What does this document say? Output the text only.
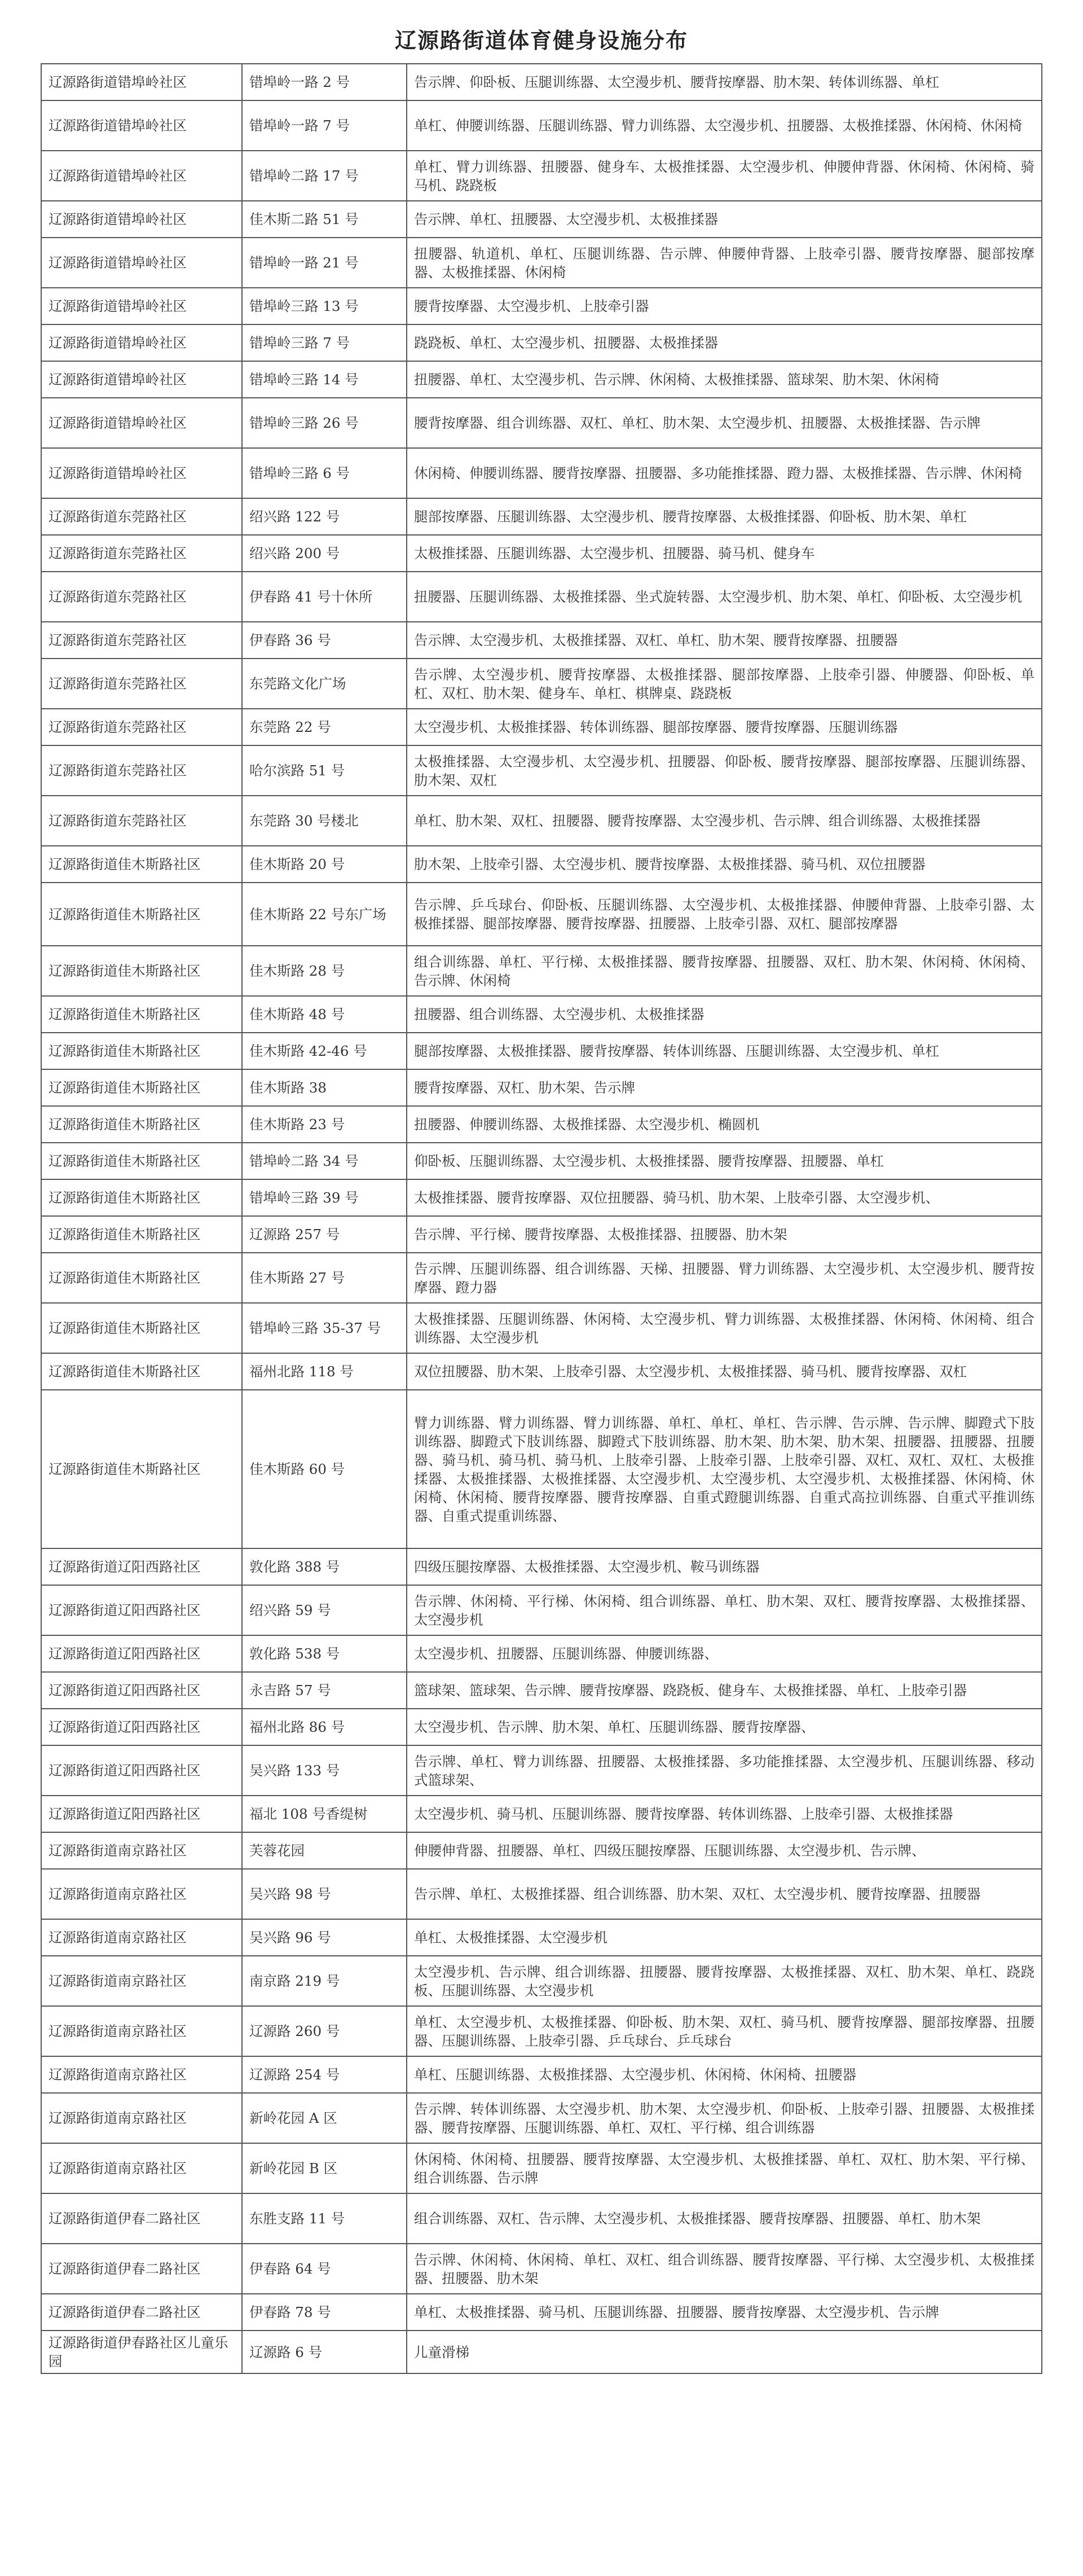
辽源路街道体育健身设施分布
辽源路街道错埠岭社区	错埠岭一路 2 号	告示牌、仰卧板、压腿训练器、太空漫步机、腰背按摩器、肋木架、转体训练器、单杠
辽源路街道错埠岭社区	错埠岭一路 7 号	单杠、伸腰训练器、压腿训练器、臂力训练器、太空漫步机、扭腰器、太极推揉器、休闲椅、休闲椅
辽源路街道错埠岭社区	错埠岭二路 17 号	单杠、臂力训练器、扭腰器、健身车、太极推揉器、太空漫步机、伸腰伸背器、休闲椅、休闲椅、骑马机、跷跷板
辽源路街道错埠岭社区	佳木斯二路 51 号	告示牌、单杠、扭腰器、太空漫步机、太极推揉器
辽源路街道错埠岭社区	错埠岭一路 21 号	扭腰器、轨道机、单杠、压腿训练器、告示牌、伸腰伸背器、上肢牵引器、腰背按摩器、腿部按摩器、太极推揉器、休闲椅
辽源路街道错埠岭社区	错埠岭三路 13 号	腰背按摩器、太空漫步机、上肢牵引器
辽源路街道错埠岭社区	错埠岭三路 7 号	跷跷板、单杠、太空漫步机、扭腰器、太极推揉器
辽源路街道错埠岭社区	错埠岭三路 14 号	扭腰器、单杠、太空漫步机、告示牌、休闲椅、太极推揉器、篮球架、肋木架、休闲椅
辽源路街道错埠岭社区	错埠岭三路 26 号	腰背按摩器、组合训练器、双杠、单杠、肋木架、太空漫步机、扭腰器、太极推揉器、告示牌
辽源路街道错埠岭社区	错埠岭三路 6 号	休闲椅、伸腰训练器、腰背按摩器、扭腰器、多功能推揉器、蹬力器、太极推揉器、告示牌、休闲椅
辽源路街道东莞路社区	绍兴路 122 号	腿部按摩器、压腿训练器、太空漫步机、腰背按摩器、太极推揉器、仰卧板、肋木架、单杠
辽源路街道东莞路社区	绍兴路 200 号	太极推揉器、压腿训练器、太空漫步机、扭腰器、骑马机、健身车
辽源路街道东莞路社区	伊春路 41 号十休所	扭腰器、压腿训练器、太极推揉器、坐式旋转器、太空漫步机、肋木架、单杠、仰卧板、太空漫步机
辽源路街道东莞路社区	伊春路 36 号	告示牌、太空漫步机、太极推揉器、双杠、单杠、肋木架、腰背按摩器、扭腰器
辽源路街道东莞路社区	东莞路文化广场	告示牌、太空漫步机、腰背按摩器、太极推揉器、腿部按摩器、上肢牵引器、伸腰器、仰卧板、单杠、双杠、肋木架、健身车、单杠、棋牌桌、跷跷板
辽源路街道东莞路社区	东莞路 22 号	太空漫步机、太极推揉器、转体训练器、腿部按摩器、腰背按摩器、压腿训练器
辽源路街道东莞路社区	哈尔滨路 51 号	太极推揉器、太空漫步机、太空漫步机、扭腰器、仰卧板、腰背按摩器、腿部按摩器、压腿训练器、肋木架、双杠
辽源路街道东莞路社区	东莞路 30 号楼北	单杠、肋木架、双杠、扭腰器、腰背按摩器、太空漫步机、告示牌、组合训练器、太极推揉器
辽源路街道佳木斯路社区	佳木斯路 20 号	肋木架、上肢牵引器、太空漫步机、腰背按摩器、太极推揉器、骑马机、双位扭腰器
辽源路街道佳木斯路社区	佳木斯路 22 号东广场	告示牌、乒乓球台、仰卧板、压腿训练器、太空漫步机、太极推揉器、伸腰伸背器、上肢牵引器、太极推揉器、腿部按摩器、腰背按摩器、扭腰器、上肢牵引器、双杠、腿部按摩器
辽源路街道佳木斯路社区	佳木斯路 28 号	组合训练器、单杠、平行梯、太极推揉器、腰背按摩器、扭腰器、双杠、肋木架、休闲椅、休闲椅、告示牌、休闲椅
辽源路街道佳木斯路社区	佳木斯路 48 号	扭腰器、组合训练器、太空漫步机、太极推揉器
辽源路街道佳木斯路社区	佳木斯路 42-46 号	腿部按摩器、太极推揉器、腰背按摩器、转体训练器、压腿训练器、太空漫步机、单杠
辽源路街道佳木斯路社区	佳木斯路 38	腰背按摩器、双杠、肋木架、告示牌
辽源路街道佳木斯路社区	佳木斯路 23 号	扭腰器、伸腰训练器、太极推揉器、太空漫步机、椭圆机
辽源路街道佳木斯路社区	错埠岭二路 34 号	仰卧板、压腿训练器、太空漫步机、太极推揉器、腰背按摩器、扭腰器、单杠
辽源路街道佳木斯路社区	错埠岭三路 39 号	太极推揉器、腰背按摩器、双位扭腰器、骑马机、肋木架、上肢牵引器、太空漫步机、
辽源路街道佳木斯路社区	辽源路 257 号	告示牌、平行梯、腰背按摩器、太极推揉器、扭腰器、肋木架
辽源路街道佳木斯路社区	佳木斯路 27 号	告示牌、压腿训练器、组合训练器、天梯、扭腰器、臂力训练器、太空漫步机、太空漫步机、腰背按摩器、蹬力器
辽源路街道佳木斯路社区	错埠岭三路 35-37 号	太极推揉器、压腿训练器、休闲椅、太空漫步机、臂力训练器、太极推揉器、休闲椅、休闲椅、组合训练器、太空漫步机
辽源路街道佳木斯路社区	福州北路 118 号	双位扭腰器、肋木架、上肢牵引器、太空漫步机、太极推揉器、骑马机、腰背按摩器、双杠
辽源路街道佳木斯路社区	佳木斯路 60 号	臂力训练器、臂力训练器、臂力训练器、单杠、单杠、单杠、告示牌、告示牌、告示牌、脚蹬式下肢训练器、脚蹬式下肢训练器、脚蹬式下肢训练器、肋木架、肋木架、肋木架、扭腰器、扭腰器、扭腰器、骑马机、骑马机、骑马机、上肢牵引器、上肢牵引器、上肢牵引器、双杠、双杠、双杠、太极推揉器、太极推揉器、太极推揉器、太空漫步机、太空漫步机、太空漫步机、太极推揉器、休闲椅、休闲椅、休闲椅、腰背按摩器、腰背按摩器、自重式蹬腿训练器、自重式高拉训练器、自重式平推训练器、自重式提重训练器、
辽源路街道辽阳西路社区	敦化路 388 号	四级压腿按摩器、太极推揉器、太空漫步机、鞍马训练器
辽源路街道辽阳西路社区	绍兴路 59 号	告示牌、休闲椅、平行梯、休闲椅、组合训练器、单杠、肋木架、双杠、腰背按摩器、太极推揉器、太空漫步机
辽源路街道辽阳西路社区	敦化路 538 号	太空漫步机、扭腰器、压腿训练器、伸腰训练器、
辽源路街道辽阳西路社区	永吉路 57 号	篮球架、篮球架、告示牌、腰背按摩器、跷跷板、健身车、太极推揉器、单杠、上肢牵引器
辽源路街道辽阳西路社区	福州北路 86 号	太空漫步机、告示牌、肋木架、单杠、压腿训练器、腰背按摩器、
辽源路街道辽阳西路社区	吴兴路 133 号	告示牌、单杠、臂力训练器、扭腰器、太极推揉器、多功能推揉器、太空漫步机、压腿训练器、移动式篮球架、
辽源路街道辽阳西路社区	福北 108 号香缇树	太空漫步机、骑马机、压腿训练器、腰背按摩器、转体训练器、上肢牵引器、太极推揉器
辽源路街道南京路社区	芙蓉花园	伸腰伸背器、扭腰器、单杠、四级压腿按摩器、压腿训练器、太空漫步机、告示牌、
辽源路街道南京路社区	吴兴路 98 号	告示牌、单杠、太极推揉器、组合训练器、肋木架、双杠、太空漫步机、腰背按摩器、扭腰器
辽源路街道南京路社区	吴兴路 96 号	单杠、太极推揉器、太空漫步机
辽源路街道南京路社区	南京路 219 号	太空漫步机、告示牌、组合训练器、扭腰器、腰背按摩器、太极推揉器、双杠、肋木架、单杠、跷跷板、压腿训练器、太空漫步机
辽源路街道南京路社区	辽源路 260 号	单杠、太空漫步机、太极推揉器、仰卧板、肋木架、双杠、骑马机、腰背按摩器、腿部按摩器、扭腰器、压腿训练器、上肢牵引器、乒乓球台、乒乓球台
辽源路街道南京路社区	辽源路 254 号	单杠、压腿训练器、太极推揉器、太空漫步机、休闲椅、休闲椅、扭腰器
辽源路街道南京路社区	新岭花园 A 区	告示牌、转体训练器、太空漫步机、肋木架、太空漫步机、仰卧板、上肢牵引器、扭腰器、太极推揉器、腰背按摩器、压腿训练器、单杠、双杠、平行梯、组合训练器
辽源路街道南京路社区	新岭花园 B 区	休闲椅、休闲椅、扭腰器、腰背按摩器、太空漫步机、太极推揉器、单杠、双杠、肋木架、平行梯、组合训练器、告示牌
辽源路街道伊春二路社区	东胜支路 11 号	组合训练器、双杠、告示牌、太空漫步机、太极推揉器、腰背按摩器、扭腰器、单杠、肋木架
辽源路街道伊春二路社区	伊春路 64 号	告示牌、休闲椅、休闲椅、单杠、双杠、组合训练器、腰背按摩器、平行梯、太空漫步机、太极推揉器、扭腰器、肋木架
辽源路街道伊春二路社区	伊春路 78 号	单杠、太极推揉器、骑马机、压腿训练器、扭腰器、腰背按摩器、太空漫步机、告示牌
辽源路街道伊春路社区儿童乐园	辽源路 6 号	儿童滑梯
